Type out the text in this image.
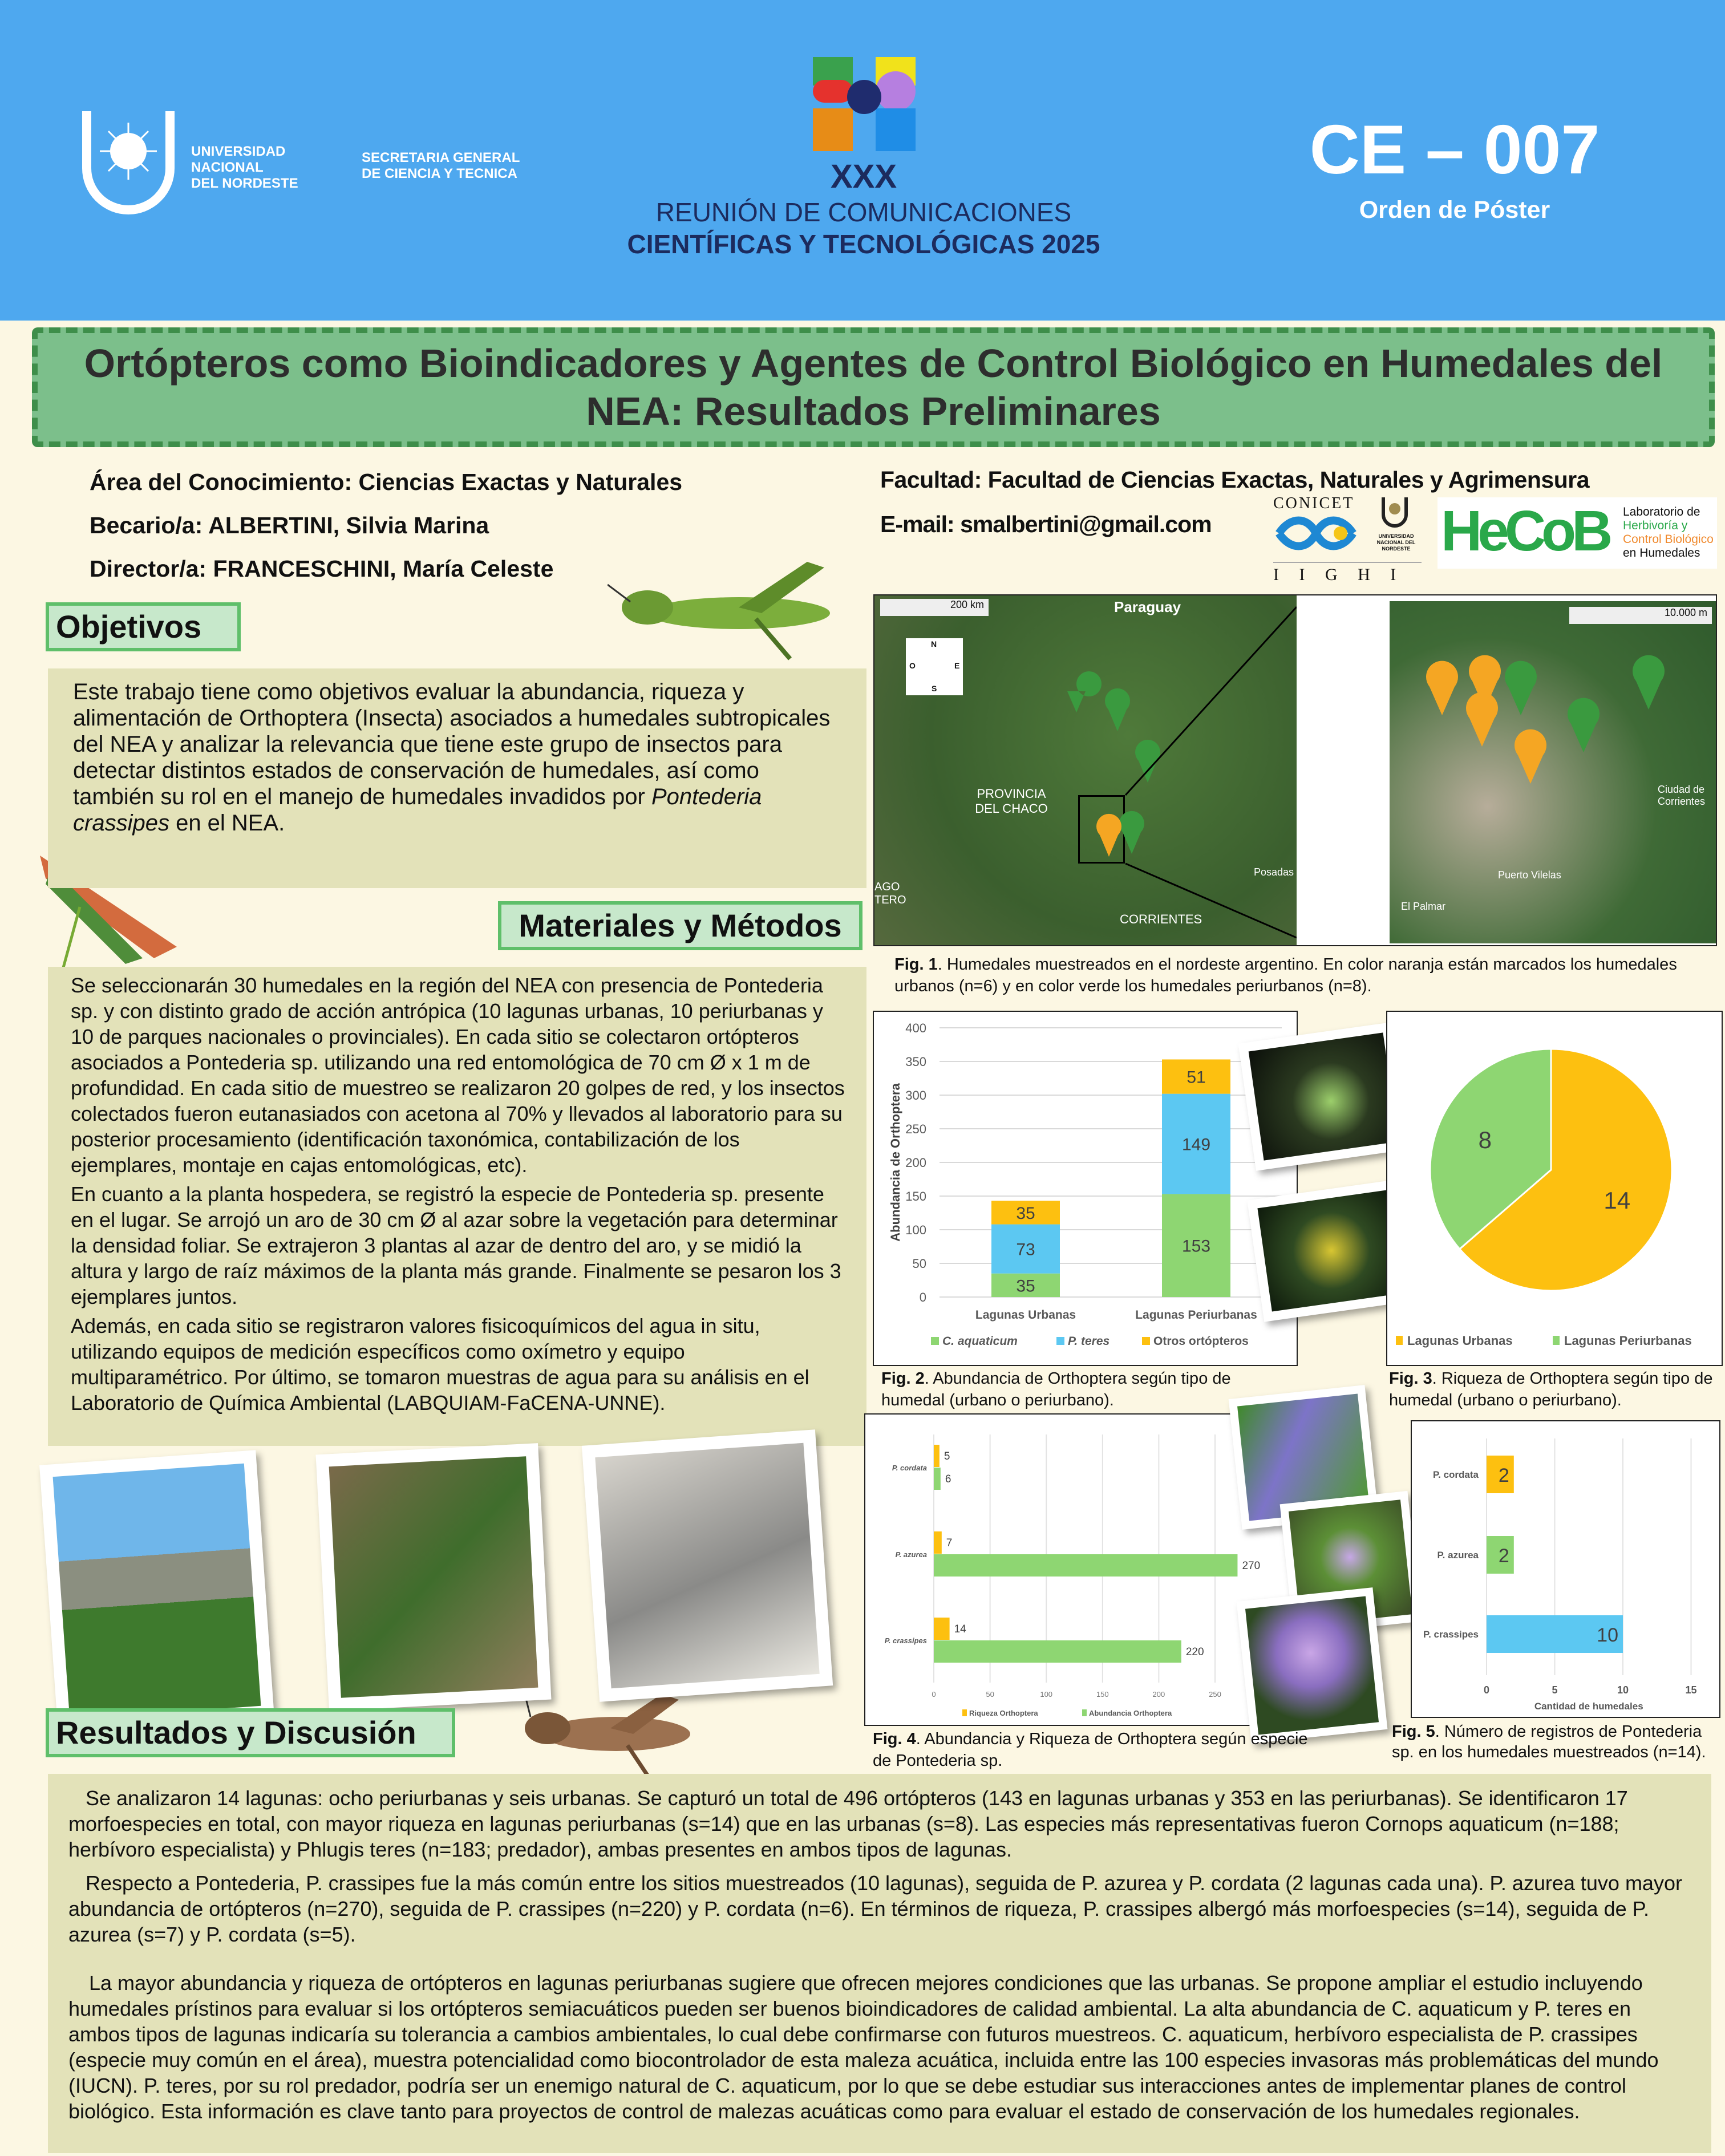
UNIVERSIDAD
NACIONAL
DEL NORDESTE
SECRETARIA GENERAL
DE CIENCIA Y TECNICA	XXX
REUNIÓN DE COMUNICACIONES
CIENTÍFICAS Y TECNOLÓGICAS 2025
CE – 007
Orden de Póster
Ortópteros como Bioindicadores y Agentes de Control Biológico en Humedales del NEA: Resultados Preliminares
Área del Conocimiento: Ciencias Exactas y Naturales
Becario/a: ALBERTINI, Silvia Marina
Director/a: FRANCESCHINI, María Celeste
Facultad: Facultad de Ciencias Exactas, Naturales y Agrimensura
E-mail: smalbertini@gmail.com
CONICET
I I G H I
UNIVERSIDAD NACIONAL DEL NORDESTE HeCoB Laboratorio de
Herbivoría y
Control Biológico
en Humedales
Objetivos
Este trabajo tiene como objetivos evaluar la abundancia, riqueza y alimentación de Orthoptera (Insecta) asociados a humedales subtropicales del NEA y analizar la relevancia que tiene este grupo de insectos para detectar distintos estados de conservación de humedales, así como también su rol en el manejo de humedales invadidos por Pontederia crassipes en el NEA.
Materiales y Métodos

Se seleccionarán 30 humedales en la región del NEA con presencia de Pontederia sp. y con distinto grado de acción antrópica (10 lagunas urbanas, 10 periurbanas y 10 de parques nacionales o provinciales). En cada sitio se colectaron ortópteros asociados a Pontederia sp. utilizando una red entomológica de 70 cm Ø x 1 m de profundidad. En cada sitio de muestreo se realizaron 20 golpes de red, y los insectos colectados fueron eutanasiados con acetona al 70% y llevados al laboratorio para su posterior procesamiento (identificación taxonómica, contabilización de los ejemplares, montaje en cajas entomológicas, etc).

En cuanto a la planta hospedera, se registró la especie de Pontederia sp. presente en el lugar. Se arrojó un aro de 30 cm Ø al azar sobre la vegetación para determinar la densidad foliar. Se extrajeron 3 plantas al azar de dentro del aro, y se midió la altura y largo de raíz máximos de la planta más grande. Finalmente se pesaron los 3 ejemplares juntos.

Además, en cada sitio se registraron valores fisicoquímicos del agua in situ, utilizando equipos de medición específicos como oxímetro y equipo multiparamétrico. Por último, se tomaron muestras de agua para su análisis en el Laboratorio de Química Ambiental (LABQUIAM-FaCENA-UNNE).

Resultados y Discusión

Se analizaron 14 lagunas: ocho periurbanas y seis urbanas. Se capturó un total de 496 ortópteros (143 en lagunas urbanas y 353 en las periurbanas). Se identificaron 17 morfoespecies en total, con mayor riqueza en lagunas periurbanas (s=14) que en las urbanas (s=8). Las especies más representativas fueron Cornops aquaticum (n=188; herbívoro especialista) y Phlugis teres (n=183; predador), ambas presentes en ambos tipos de lagunas.

Respecto a Pontederia, P. crassipes fue la más común entre los sitios muestreados (10 lagunas), seguida de P. azurea y P. cordata (2 lagunas cada una). P. azurea tuvo mayor abundancia de ortópteros (n=270), seguida de P. crassipes (n=220) y P. cordata (n=6). En términos de riqueza, P. crassipes albergó más morfoespecies (s=14), seguida de P. azurea (s=7) y P. cordata (s=5).

La mayor abundancia y riqueza de ortópteros en lagunas periurbanas sugiere que ofrecen mejores condiciones que las urbanas. Se propone ampliar el estudio incluyendo humedales prístinos para evaluar si los ortópteros semiacuáticos pueden ser buenos bioindicadores de calidad ambiental. La alta abundancia de C. aquaticum y P. teres en ambos tipos de lagunas indicaría su tolerancia a cambios ambientales, lo cual debe confirmarse con futuros muestreos. C. aquaticum, herbívoro especialista de P. crassipes (especie muy común en el área), muestra potencialidad como biocontrolador de esta maleza acuática, incluida entre las 100 especies invasoras más problemáticas del mundo (IUCN). P. teres, por su rol predador, podría ser un enemigo natural de C. aquaticum, por lo que se debe estudiar sus interacciones antes de implementar planes de control biológico. Esta información es clave tanto para proyectos de control de malezas acuáticas como para evaluar el estado de conservación de los humedales regionales.

200 km
N
O	E
S
Paraguay
PROVINCIA DEL CHACO
CORRIENTES
Posadas
AGO TERO
10.000 m
Ciudad de Corrientes
Puerto Vilelas
El Palmar
Fig. 1. Humedales muestreados en el nordeste argentino. En color naranja están marcados los humedales urbanos (n=6) y en color verde los humedales periurbanos (n=8).
0
50
100
150
200
250
300
350
400
Abundancia de Orthoptera
35
73
35
Lagunas Urbanas
153
149
51
Lagunas Periurbanas
C. aquaticum	P. teres	Otros ortópteros
Fig. 2. Abundancia de Orthoptera según tipo de humedal (urbano o periurbano).
14
8
Lagunas Urbanas	Lagunas Periurbanas
Fig. 3. Riqueza de Orthoptera según tipo de humedal (urbano o periurbano).
0	50	100	150	200	250
P. cordata
5
6
P. azurea
7
270
P. crassipes
14
220
Riqueza Orthoptera	Abundancia Orthoptera
Fig. 4. Abundancia y Riqueza de Orthoptera según especie de Pontederia sp.
0	5	10	15
Cantidad de humedales
P. cordata 2
P. azurea 2
P. crassipes	10
Fig. 5. Número de registros de Pontederia sp. en los humedales muestreados (n=14).
